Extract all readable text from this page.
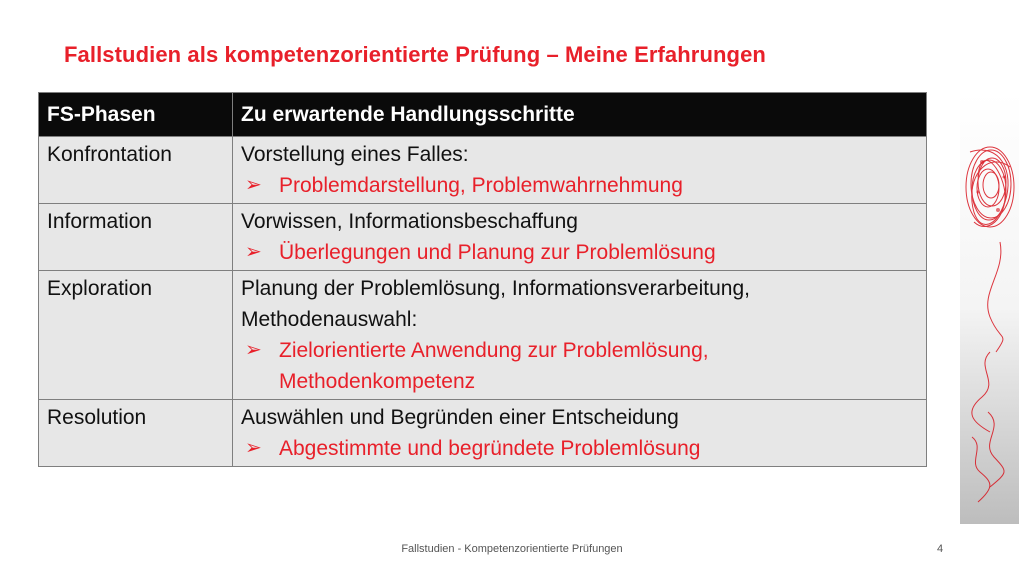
Fallstudien als kompetenzorientierte Prüfung – Meine Erfahrungen
FS-Phasen	Zu erwartende Handlungsschritte
Konfrontation	Vorstellung eines Falles:
➢ Problemdarstellung, Problemwahrnehmung

Information	Vorwissen, Informationsbeschaffung
➢ Überlegungen und Planung zur Problemlösung

Exploration	Planung der Problemlösung, Informationsverarbeitung,
Methodenauswahl:
➢ Zielorientierte Anwendung zur Problemlösung,
Methodenkompetenz

Resolution	Auswählen und Begründen einer Entscheidung
➢ Abgestimmte und begründete Problemlösung
Fallstudien - Kompetenzorientierte Prüfungen	4
